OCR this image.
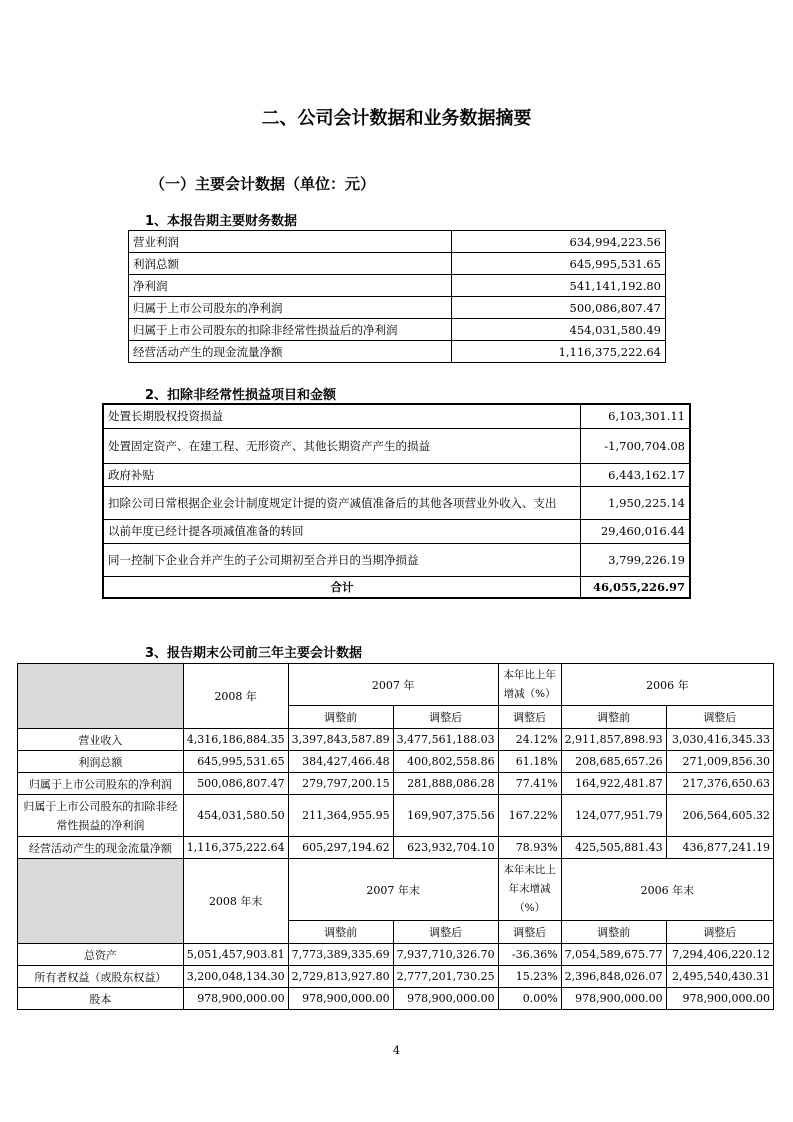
二、公司会计数据和业务数据摘要
（一）主要会计数据（单位：元）
1、本报告期主要财务数据
营业利润	634,994,223.56
利润总额	645,995,531.65
净利润	541,141,192.80
归属于上市公司股东的净利润	500,086,807.47
归属于上市公司股东的扣除非经常性损益后的净利润	454,031,580.49
经营活动产生的现金流量净额	1,116,375,222.64
2、扣除非经常性损益项目和金额
处置长期股权投资损益	6,103,301.11
处置固定资产、在建工程、无形资产、其他长期资产产生的损益	-1,700,704.08
政府补贴	6,443,162.17
扣除公司日常根据企业会计制度规定计提的资产减值准备后的其他各项营业外收入、支出	1,950,225.14
以前年度已经计提各项减值准备的转回	29,460,016.44
同一控制下企业合并产生的子公司期初至合并日的当期净损益	3,799,226.19
合计	46,055,226.97
3、报告期末公司前三年主要会计数据
	2008 年	2007 年		本年比上年增减（%）	2006 年	
		调整前	调整后	调整后	调整前	调整后
营业收入	4,316,186,884.35	3,397,843,587.89	3,477,561,188.03	24.12%	2,911,857,898.93	3,030,416,345.33
利润总额	645,995,531.65	384,427,466.48	400,802,558.86	61.18%	208,685,657.26	271,009,856.30
归属于上市公司股东的净利润	500,086,807.47	279,797,200.15	281,888,086.28	77.41%	164,922,481.87	217,376,650.63
归属于上市公司股东的扣除非经常性损益的净利润	454,031,580.50	211,364,955.95	169,907,375.56	167.22%	124,077,951.79	206,564,605.32
经营活动产生的现金流量净额	1,116,375,222.64	605,297,194.62	623,932,704.10	78.93%	425,505,881.43	436,877,241.19
	2008 年末	2007 年末		本年末比上年末增减（%）	2006 年末	
		调整前	调整后	调整后	调整前	调整后
总资产	5,051,457,903.81	7,773,389,335.69	7,937,710,326.70	-36.36%	7,054,589,675.77	7,294,406,220.12
所有者权益（或股东权益）	3,200,048,134.30	2,729,813,927.80	2,777,201,730.25	15.23%	2,396,848,026.07	2,495,540,430.31
股本	978,900,000.00	978,900,000.00	978,900,000.00	0.00%	978,900,000.00	978,900,000.00
4
